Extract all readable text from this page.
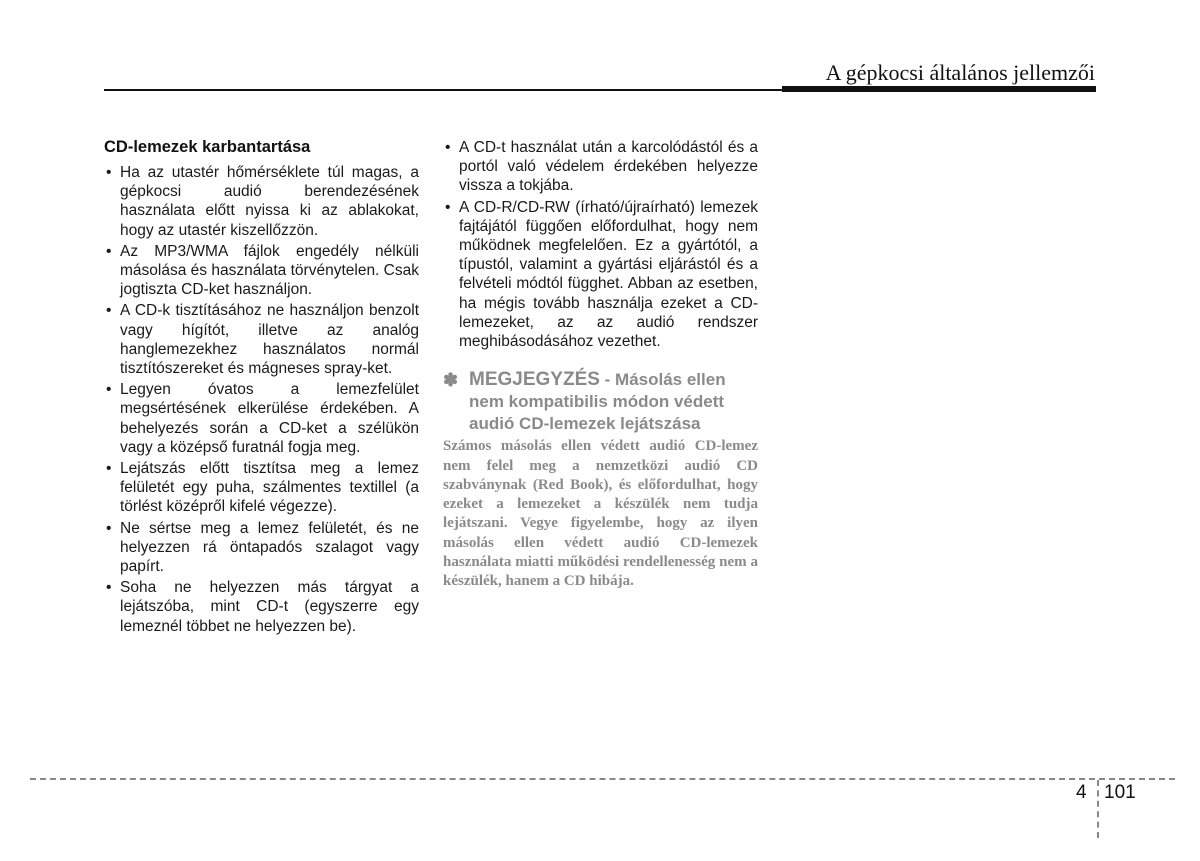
A gépkocsi általános jellemzői
CD-lemezek karbantartása
• Ha az utastér hőmérséklete túl magas, a gépkocsi audió berendezésének használata előtt nyissa ki az ablakokat, hogy az utastér kiszellőzzön.
• Az MP3/WMA fájlok engedély nélküli másolása és használata törvénytelen. Csak jogtiszta CD-ket használjon.
• A CD-k tisztításához ne használjon benzolt vagy hígítót, illetve az analóg hanglemezekhez használatos normál tisztítószereket és mágneses spray-ket.
• Legyen óvatos a lemezfelület megsértésének elkerülése érdekében. A behelyezés során a CD-ket a szélükön vagy a középső furatnál fogja meg.
• Lejátszás előtt tisztítsa meg a lemez felületét egy puha, szálmentes textillel (a törlést középről kifelé végezze).
• Ne sértse meg a lemez felületét, és ne helyezzen rá öntapadós szalagot vagy papírt.
• Soha ne helyezzen más tárgyat a lejátszóba, mint CD-t (egyszerre egy lemeznél többet ne helyezzen be).
• A CD-t használat után a karcolódástól és a portól való védelem érdekében helyezze vissza a tokjába.
• A CD-R/CD-RW (írható/újraírható) lemezek fajtájától függően előfordulhat, hogy nem működnek megfelelően. Ez a gyártótól, a típustól, valamint a gyártási eljárástól és a felvételi módtól függhet. Abban az esetben, ha mégis tovább használja ezeket a CD-lemezeket, az az audió rendszer meghibásodásához vezethet.
✽ MEGJEGYZÉS - Másolás ellen nem kompatibilis módon védett audió CD-lemezek lejátszása
Számos másolás ellen védett audió CD-lemez nem felel meg a nemzetközi audió CD szabványnak (Red Book), és előfordulhat, hogy ezeket a lemezeket a készülék nem tudja lejátszani. Vegye figyelembe, hogy az ilyen másolás ellen védett audió CD-lemezek használata miatti működési rendellenesség nem a készülék, hanem a CD hibája.
4 101
